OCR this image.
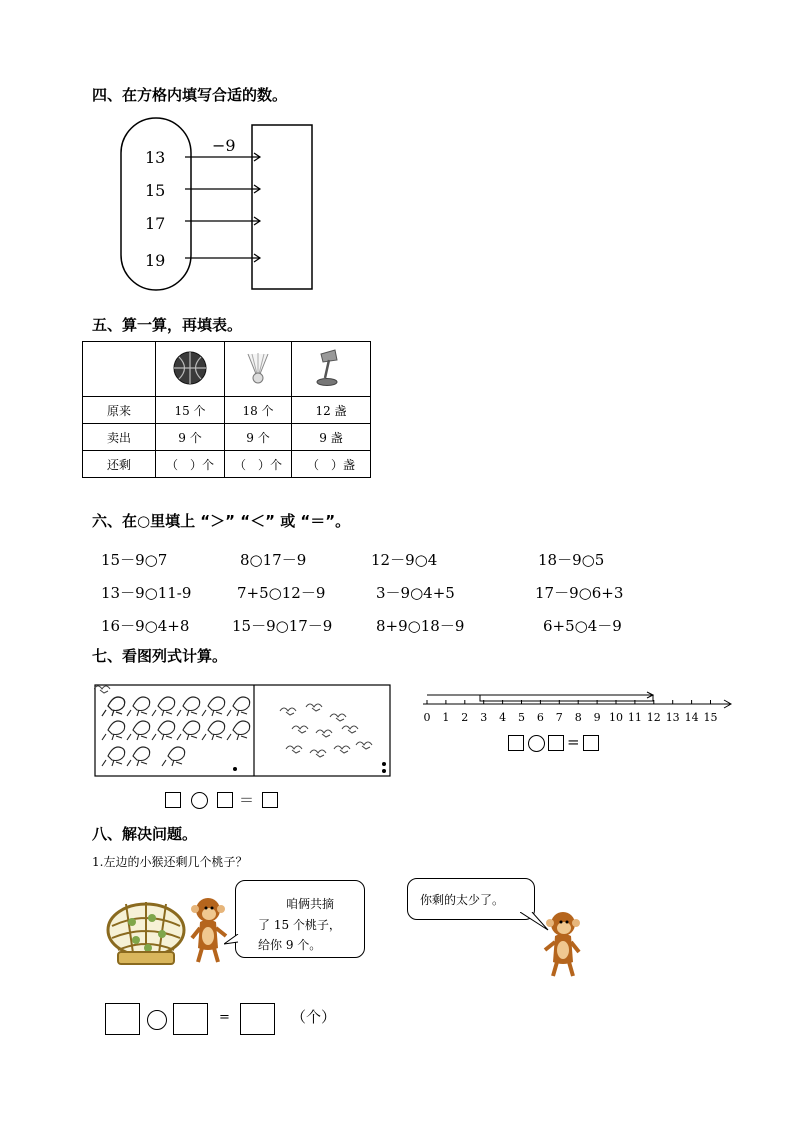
四、在方格内填写合适的数。
−9
13
15
17
19
五、算一算，再填表。

原来	15 个	18 个	12 盏
卖出	9 个	9 个	9 盏
还剩	（　）个	（　）个	（　）盏
六、在○里填上 “＞” “＜” 或 “＝”。
15－9○7	8○17－9	12－9○4	18－9○5
13－9○11-9	7+5○12－9	3－9○4+5	17－9○6+3
16－9○4+8	15－9○17－9	8+9○18－9	6+5○4－9
七、看图列式计算。
＝
0 1 2 3 4 5 6 7 8 9 10 11 12 13 14 15
=
八、解决问题。
1.左边的小猴还剩几个桃子？
咱俩共摘
了 15 个桃子，
给你 9 个。
你剩的太少了。
=	（个）
